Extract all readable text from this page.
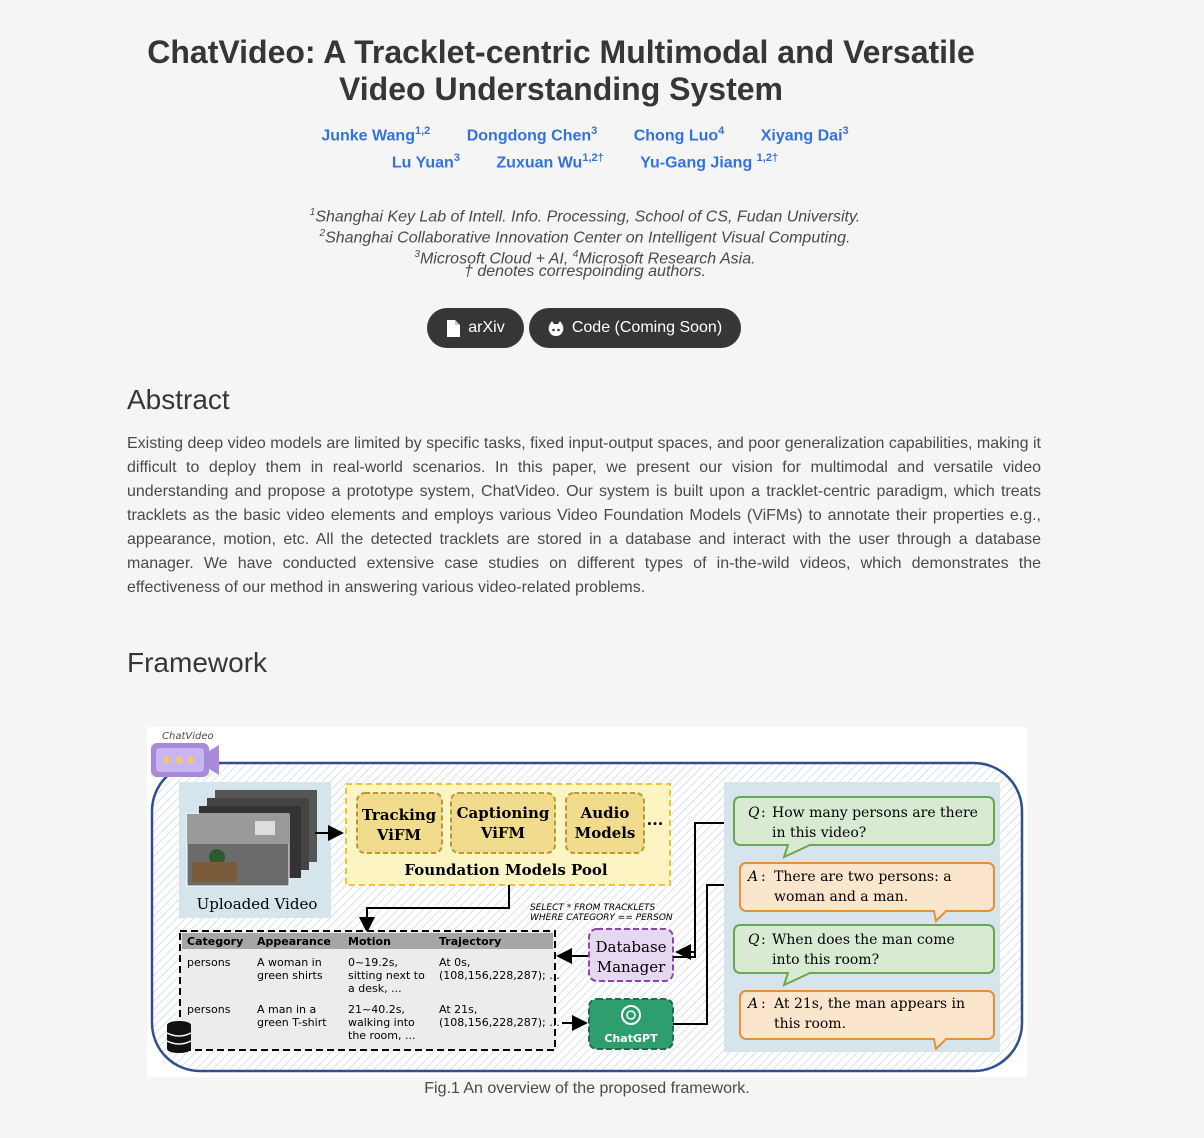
ChatVideo: A Tracklet-centric Multimodal and Versatile
Video Understanding System
Junke Wang$^{1,2}$ Dongdong Chen$^3$ Chong Luo$^4$ Xiyang Dai$^3$
Lu Yuan$^3$ Zuxuan $Wu^{1,2\dagger}$ Yu-Gang Jiang $^{1,2\dagger}$
$^1$Shanghai Key Lab of Intell. Info. Processing, School of CS, Fudan University.
$^2$Shanghai Collaborative Innovation Center on Intelligent Visual Computing.
$^3$Microsoft Cloud + AI, $^4$Microsoft Research Asia.
† denotes correspoinding authors.
arXiv	Code (Coming Soon)
Abstract

Existing deep video models are limited by specific tasks, fixed input-output spaces, and poor generalization capabilities, making it difficult to deploy them in real-world scenarios. In this paper, we present our vision for multimodal and versatile video understanding and propose a prototype system, ChatVideo. Our system is built upon a tracklet-centric paradigm, which treats tracklets as the basic video elements and employs various Video Foundation Models (ViFMs) to annotate their properties e.g., appearance, motion, etc. All the detected tracklets are stored in a database and interact with the user through a database manager. We have conducted extensive case studies on different types of in-the-wild videos, which demonstrates the effectiveness of our method in answering various video-related problems.

Framework
ChatVideo
Uploaded Video
Tracking
ViFM
Captioning
ViFM
Audio
Models
...
Foundation Models Pool
SELECT * FROM TRACKLETS
WHERE CATEGORY == PERSON
Category Appearance Motion	Trajectory
persons A woman in
green shirts
0~19.2s,
sitting next to
a desk, ...
At 0s,
(108,156,228,287); ...
persons A man in a
green T-shirt
21~40.2s,
walking into
the room, ...
At 21s,
(108,156,228,287); ...
Database
Manager
ChatGPT
Q : How many persons are there
in this video?
A : There are two persons: a
woman and a man.
Q : When does the man come
into this room?
A : At 21s, the man appears in
this room.
Fig.1 An overview of the proposed framework.
